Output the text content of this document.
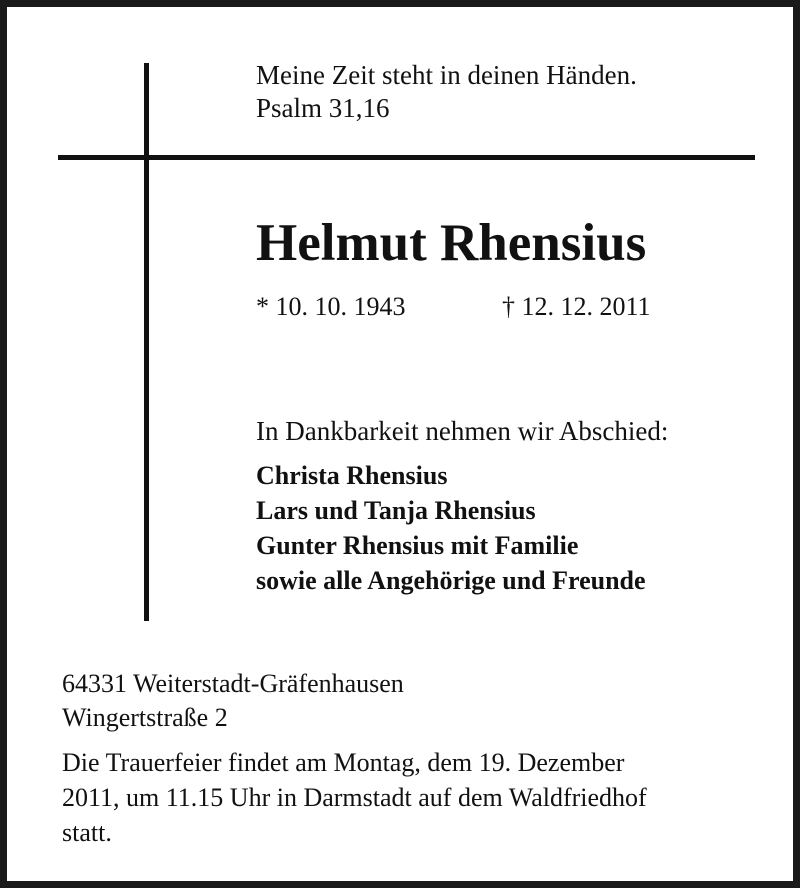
Meine Zeit steht in deinen Händen.
Psalm 31,16
Helmut Rhensius
* 10. 10. 1943	† 12. 12. 2011
In Dankbarkeit nehmen wir Abschied:
Christa Rhensius
Lars und Tanja Rhensius
Gunter Rhensius mit Familie
sowie alle Angehörige und Freunde
64331 Weiterstadt-Gräfenhausen
Wingertstraße 2
Die Trauerfeier findet am Montag, dem 19. Dezember
2011, um 11.15 Uhr in Darmstadt auf dem Waldfriedhof
statt.
